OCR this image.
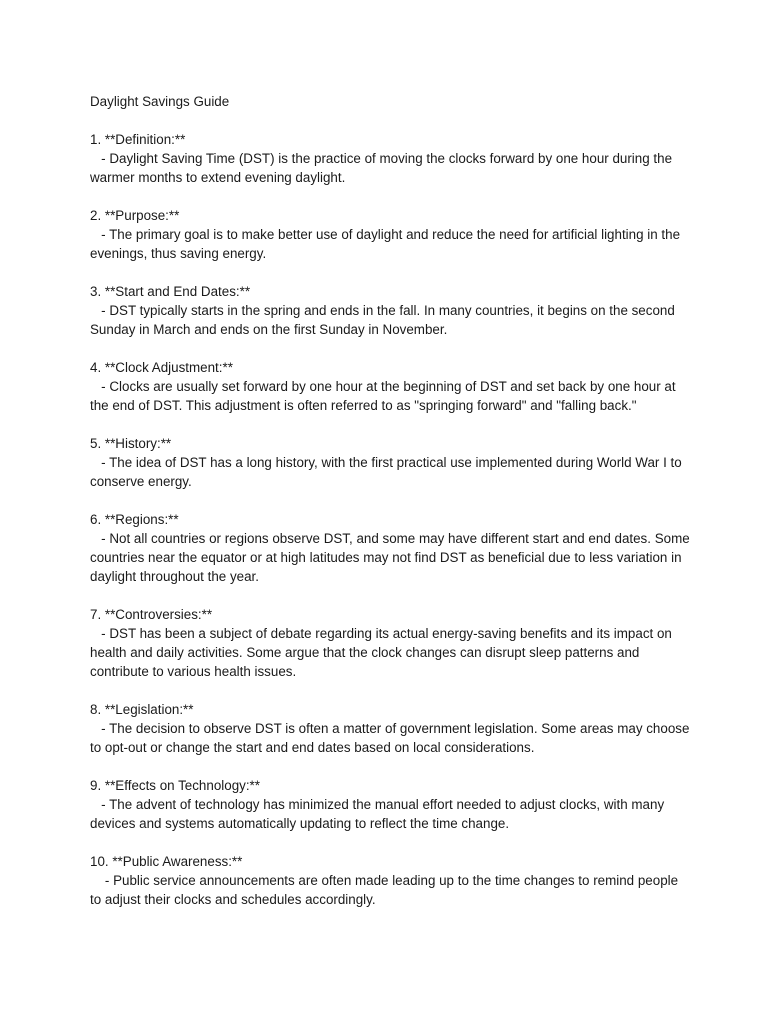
Daylight Savings Guide
1. **Definition:**
- Daylight Saving Time (DST) is the practice of moving the clocks forward by one hour during the warmer months to extend evening daylight.
2. **Purpose:**
- The primary goal is to make better use of daylight and reduce the need for artificial lighting in the evenings, thus saving energy.
3. **Start and End Dates:**
- DST typically starts in the spring and ends in the fall. In many countries, it begins on the second Sunday in March and ends on the first Sunday in November.
4. **Clock Adjustment:**
- Clocks are usually set forward by one hour at the beginning of DST and set back by one hour at the end of DST. This adjustment is often referred to as "springing forward" and "falling back."
5. **History:**
- The idea of DST has a long history, with the first practical use implemented during World War I to conserve energy.
6. **Regions:**
- Not all countries or regions observe DST, and some may have different start and end dates. Some countries near the equator or at high latitudes may not find DST as beneficial due to less variation in daylight throughout the year.
7. **Controversies:**
- DST has been a subject of debate regarding its actual energy-saving benefits and its impact on health and daily activities. Some argue that the clock changes can disrupt sleep patterns and contribute to various health issues.
8. **Legislation:**
- The decision to observe DST is often a matter of government legislation. Some areas may choose to opt-out or change the start and end dates based on local considerations.
9. **Effects on Technology:**
- The advent of technology has minimized the manual effort needed to adjust clocks, with many devices and systems automatically updating to reflect the time change.
10. **Public Awareness:**
- Public service announcements are often made leading up to the time changes to remind people to adjust their clocks and schedules accordingly.
